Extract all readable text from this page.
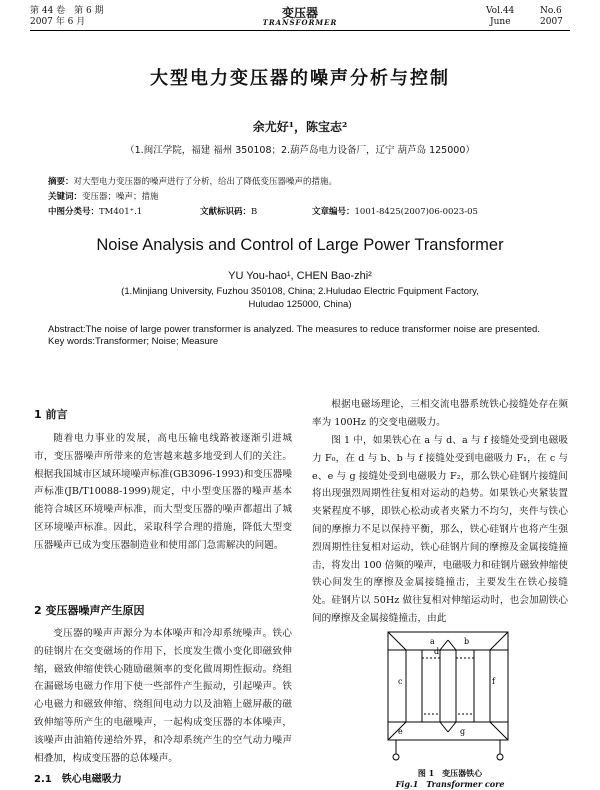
第 44 卷　第 6 期
2007 年 6 月
变压器
TRANSFORMER
Vol.44	No.6
June	2007
大型电力变压器的噪声分析与控制
余尤好¹，陈宝志²
（1.闽江学院，福建 福州 350108；2.葫芦岛电力设备厂，辽宁 葫芦岛 125000）
摘要：对大型电力变压器的噪声进行了分析，给出了降低变压器噪声的措施。
关键词：变压器；噪声；措施
中图分类号：TM401⁺.1	文献标识码：B	文章编号：1001-8425(2007)06-0023-05
Noise Analysis and Control of Large Power Transformer
YU You-hao¹, CHEN Bao-zhi²
(1.Minjiang University, Fuzhou 350108, China; 2.Huludao Electric Fquipment Factory,
Huludao 125000, China)
Abstract:The noise of large power transformer is analyzed. The measures to reduce transformer noise are presented.
Key words:Transformer; Noise; Measure
1 前言
随着电力事业的发展，高电压输电线路被逐渐引进城市，变压器噪声所带来的危害越来越多地受到人们的关注。根据我国城市区域环境噪声标准(GB3096-1993)和变压器噪声标准(JB/T10088-1999)规定，中小型变压器的噪声基本能符合城区环境噪声标准，而大型变压器的噪声都超出了城区环境噪声标准。因此，采取科学合理的措施，降低大型变压器噪声已成为变压器制造业和使用部门急需解决的问题。
2 变压器噪声产生原因
变压器的噪声声源分为本体噪声和冷却系统噪声。铁心的硅钢片在交变磁场的作用下，长度发生微小变化即磁致伸缩，磁致伸缩使铁心随励磁频率的变化做周期性振动。绕组在漏磁场电磁力作用下使一些部件产生振动，引起噪声。铁心电磁力和磁致伸缩、绕组间电动力以及油箱上磁屏蔽的磁致伸缩等所产生的电磁噪声，一起构成变压器的本体噪声，该噪声由油箱传递给外界，和冷却系统产生的空气动力噪声相叠加，构成变压器的总体噪声。
2.1　铁心电磁吸力
根据电磁场理论，三相交流电器系统铁心接缝处存在频率为 100Hz 的交变电磁吸力。
图 1 中，如果铁心在 a 与 d、a 与 f 接缝处受到电磁吸力 F₀，在 d 与 b、b 与 f 接缝处受到电磁吸力 F₁，在 c 与 e、e 与 g 接缝处受到电磁吸力 F₂，那么铁心硅钢片接缝间将出现强烈周期性往复相对运动的趋势。如果铁心夹紧装置夹紧程度不够，即铁心松动或者夹紧力不均匀，夹件与铁心间的摩擦力不足以保持平衡，那么，铁心硅钢片也将产生强烈周期性往复相对运动，铁心硅钢片间的摩擦及金属接缝撞击，将发出 100 倍频的噪声，电磁吸力和硅钢片磁致伸缩使铁心间发生的摩擦及金属接缝撞击，主要发生在铁心接缝处。硅钢片以 50Hz 做往复相对伸缩运动时，也会加剧铁心间的摩擦及金属接缝撞击，由此
a	b
c
d
e
f
g
图 1　变压器铁心
Fig.1　Transformer core
